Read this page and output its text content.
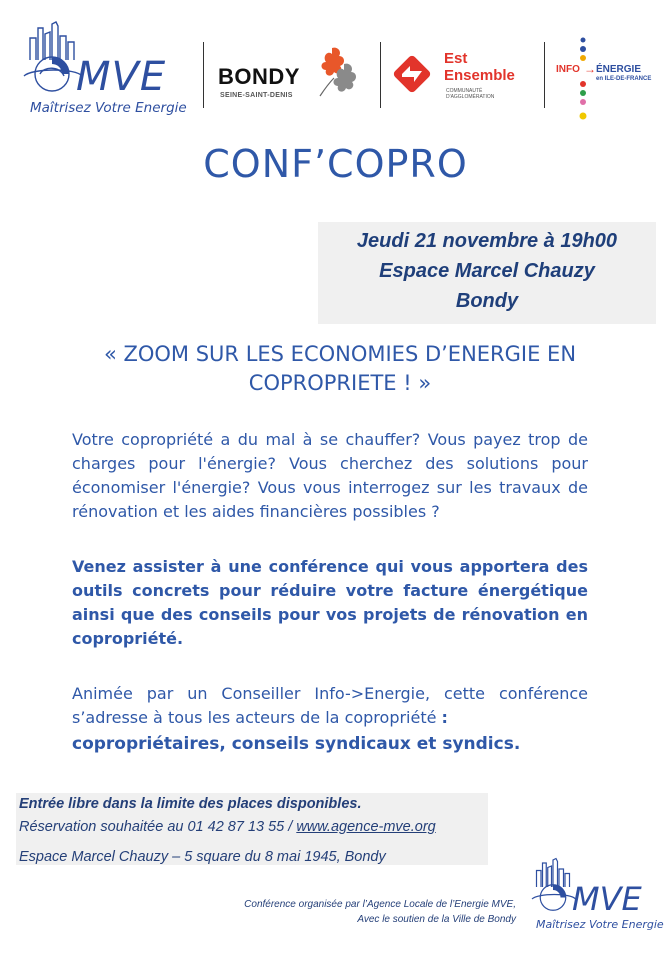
MVE
Maîtrisez Votre Energie
BONDY
SEINE-SAINT-DENIS
Est
Ensemble
COMMUNAUTÉ
D'AGGLOMÉRATION
INFO → ÉNERGIE
en ILE-DE-FRANCE
CONF’COPRO
Jeudi 21 novembre à 19h00
Espace Marcel Chauzy
Bondy
« ZOOM SUR LES ECONOMIES D’ENERGIE EN
COPROPRIETE ! »
Votre copropriété a du mal à se chauffer? Vous payez trop de charges pour l'énergie? Vous cherchez des solutions pour économiser l'énergie? Vous vous interrogez sur les travaux de rénovation et les aides financières possibles ?
Venez assister à une conférence qui vous apportera des outils concrets pour réduire votre facture énergétique ainsi que des conseils pour vos projets de rénovation en copropriété.
Animée par un Conseiller Info->Energie, cette conférence s’adresse à tous les acteurs de la copropriété :
copropriétaires, conseils syndicaux et syndics.
Entrée libre dans la limite des places disponibles.
Réservation souhaitée au 01 42 87 13 55 / www.agence-mve.org
Espace Marcel Chauzy – 5 square du 8 mai 1945, Bondy
Conférence organisée par l’Agence Locale de l’Energie MVE,
Avec le soutien de la Ville de Bondy
MVE
Maîtrisez Votre Energie
